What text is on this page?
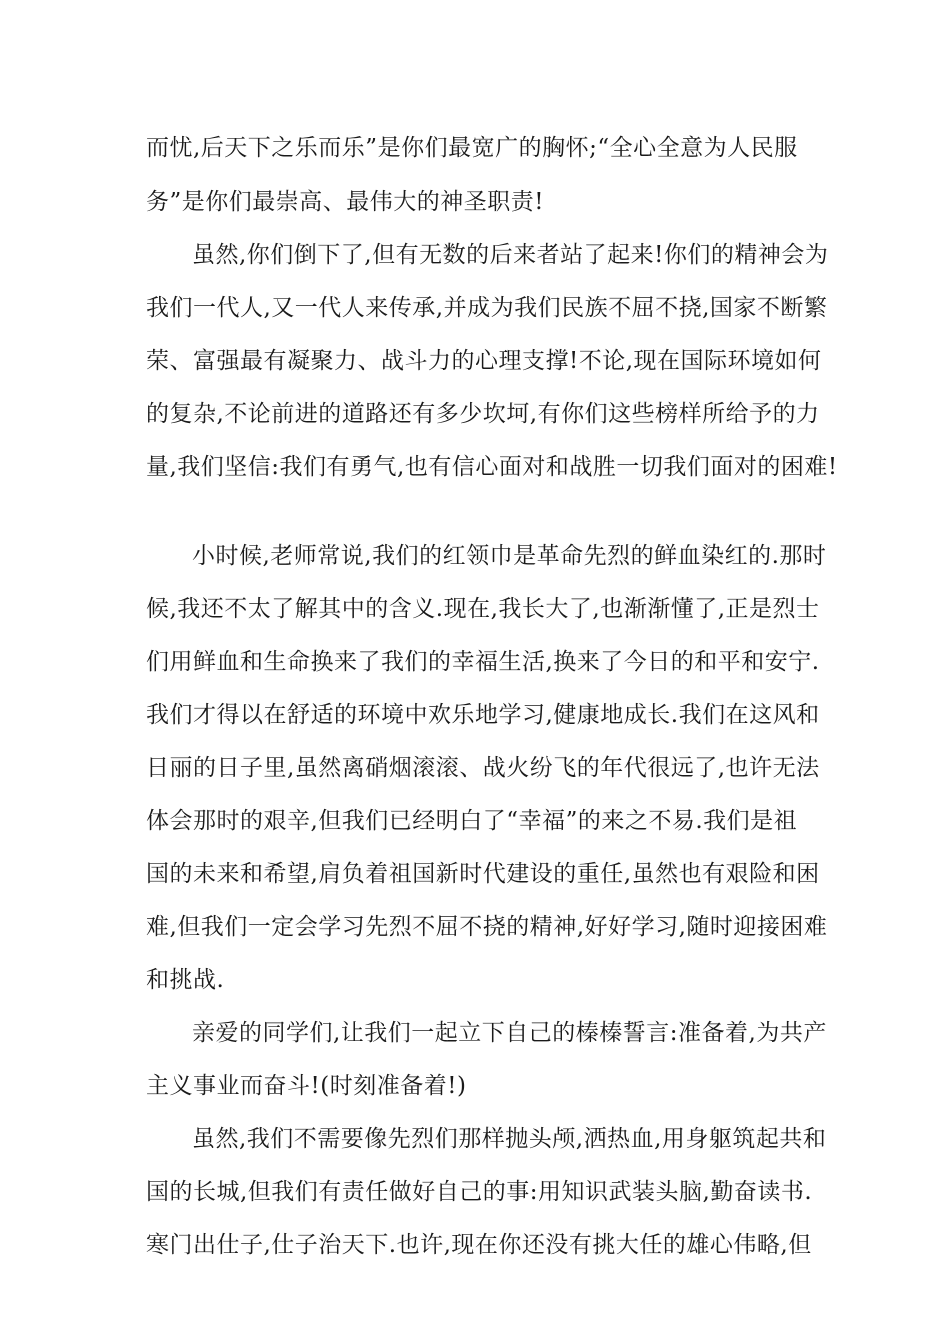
而忧,后天下之乐而乐”是你们最宽广的胸怀;“全心全意为人民服
务”是你们最崇高、最伟大的神圣职责!
虽然,你们倒下了,但有无数的后来者站了起来!你们的精神会为
我们一代人,又一代人来传承,并成为我们民族不屈不挠,国家不断繁
荣、富强最有凝聚力、战斗力的心理支撑!不论,现在国际环境如何
的复杂,不论前进的道路还有多少坎坷,有你们这些榜样所给予的力
量,我们坚信:我们有勇气,也有信心面对和战胜一切我们面对的困难!
小时候,老师常说,我们的红领巾是革命先烈的鲜血染红的.那时
候,我还不太了解其中的含义.现在,我长大了,也渐渐懂了,正是烈士
们用鲜血和生命换来了我们的幸福生活,换来了今日的和平和安宁.
我们才得以在舒适的环境中欢乐地学习,健康地成长.我们在这风和
日丽的日子里,虽然离硝烟滚滚、战火纷飞的年代很远了,也许无法
体会那时的艰辛,但我们已经明白了“幸福”的来之不易.我们是祖
国的未来和希望,肩负着祖国新时代建设的重任,虽然也有艰险和困
难,但我们一定会学习先烈不屈不挠的精神,好好学习,随时迎接困难
和挑战.
亲爱的同学们,让我们一起立下自己的榛榛誓言:准备着,为共产
主义事业而奋斗!(时刻准备着!)
虽然,我们不需要像先烈们那样抛头颅,洒热血,用身躯筑起共和
国的长城,但我们有责任做好自己的事:用知识武装头脑,勤奋读书.
寒门出仕子,仕子治天下.也许,现在你还没有挑大任的雄心伟略,但
